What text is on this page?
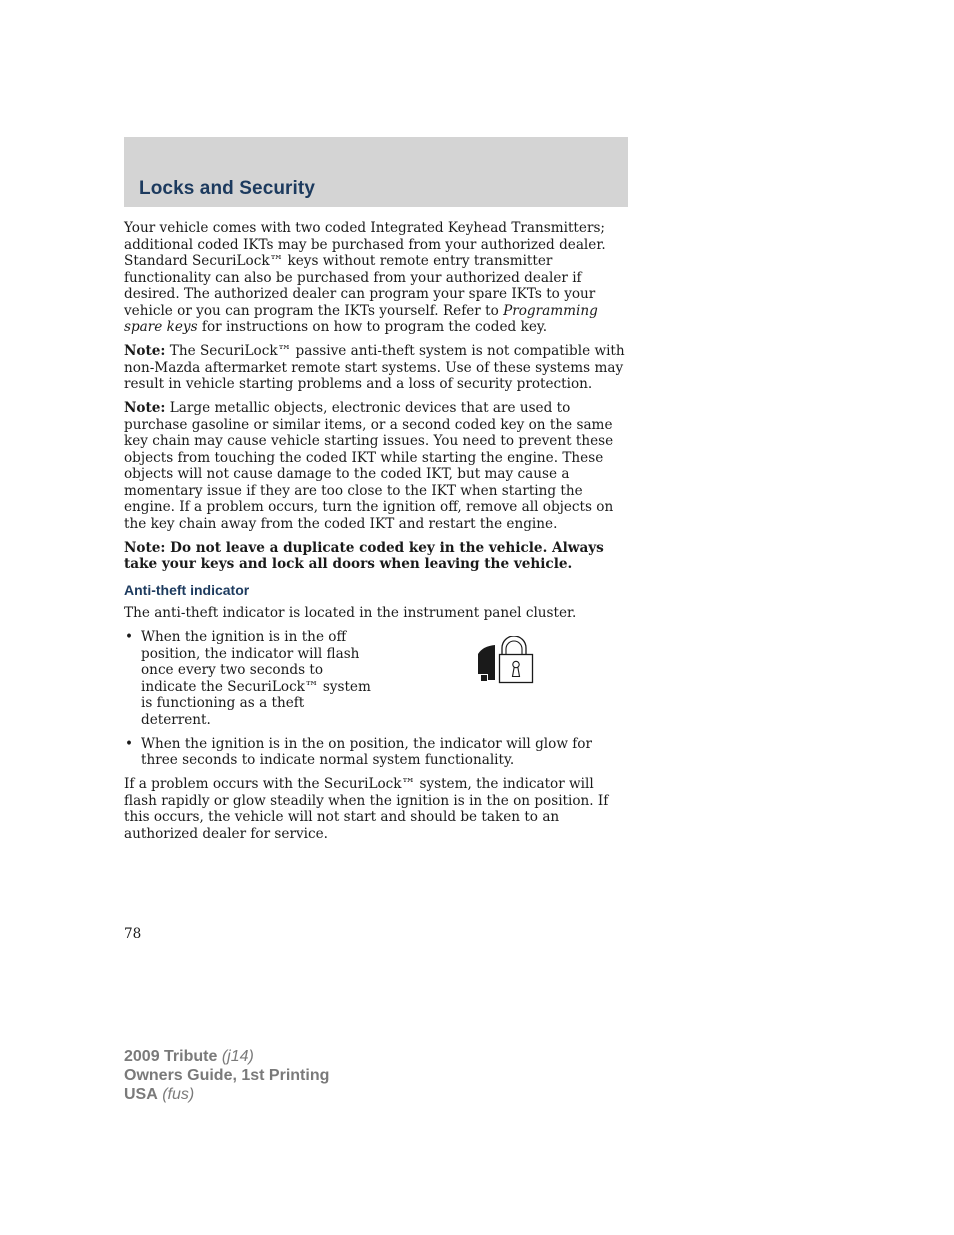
Locks and Security

Your vehicle comes with two coded Integrated Keyhead Transmitters; additional coded IKTs may be purchased from your authorized dealer. Standard SecuriLock™ keys without remote entry transmitter functionality can also be purchased from your authorized dealer if desired. The authorized dealer can program your spare IKTs to your vehicle or you can program the IKTs yourself. Refer to Programming spare keys for instructions on how to program the coded key.

Note: The SecuriLock™ passive anti-theft system is not compatible with non-Mazda aftermarket remote start systems. Use of these systems may result in vehicle starting problems and a loss of security protection.

Note: Large metallic objects, electronic devices that are used to purchase gasoline or similar items, or a second coded key on the same key chain may cause vehicle starting issues. You need to prevent these objects from touching the coded IKT while starting the engine. These objects will not cause damage to the coded IKT, but may cause a momentary issue if they are too close to the IKT when starting the engine. If a problem occurs, turn the ignition off, remove all objects on the key chain away from the coded IKT and restart the engine.

Note: Do not leave a duplicate coded key in the vehicle. Always take your keys and lock all doors when leaving the vehicle.

Anti-theft indicator

The anti-theft indicator is located in the instrument panel cluster.

• When the ignition is in the off position, the indicator will flash once every two seconds to indicate the SecuriLock™ system is functioning as a theft deterrent.
• When the ignition is in the on position, the indicator will glow for three seconds to indicate normal system functionality.

If a problem occurs with the SecuriLock™ system, the indicator will flash rapidly or glow steadily when the ignition is in the on position. If this occurs, the vehicle will not start and should be taken to an authorized dealer for service.

78
2009 Tribute (j14)
Owners Guide, 1st Printing
USA (fus)
